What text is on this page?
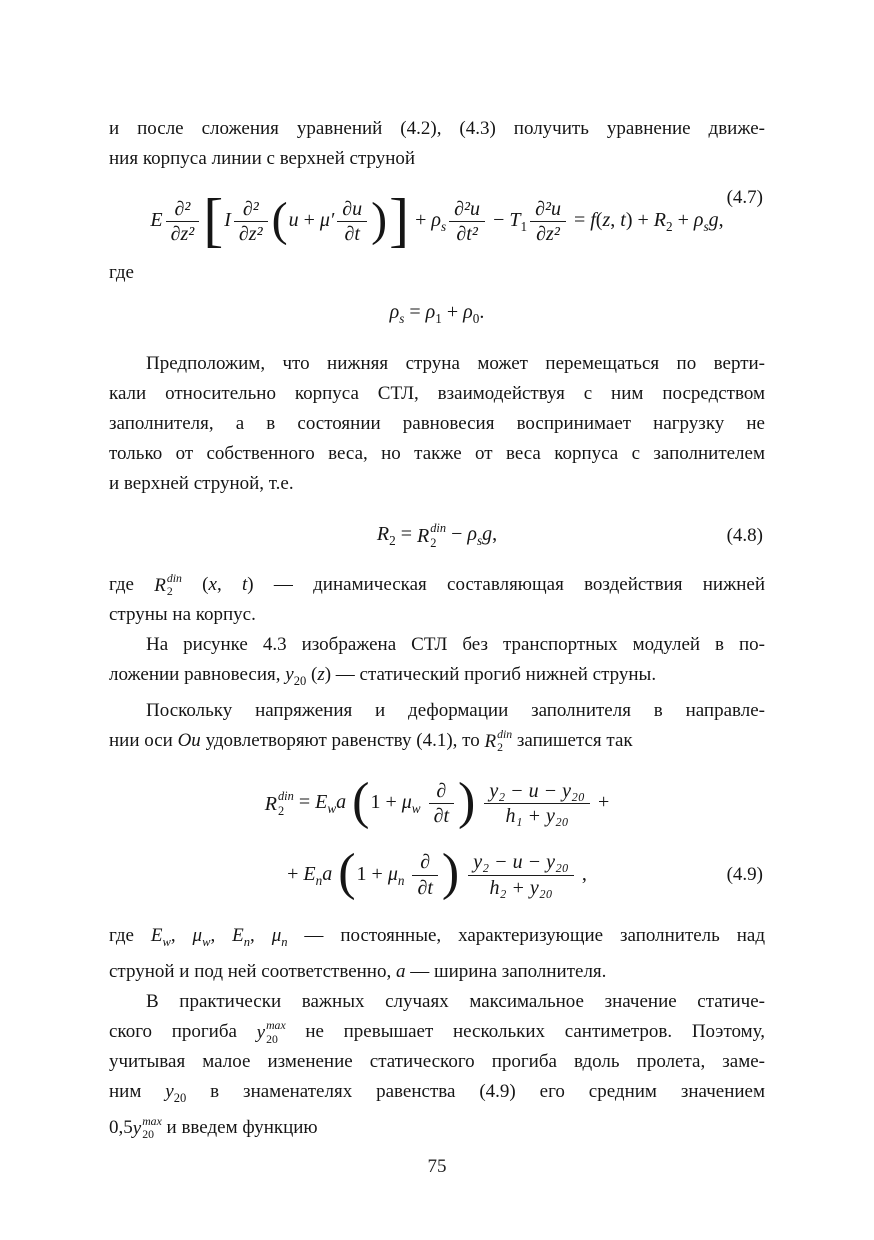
и после сложения уравнений (4.2), (4.3) получить уравнение движе-
ния корпуса линии с верхней струной
E
∂²
∂z² [I
∂²
∂z² ($u + \mu' \frac{\partial u}{\partial t}$ )] + $\rho_s \frac{\text{∂²u}}{\text{∂t²}} - T_1 \frac{\text{∂²u}}{\text{∂z²}} = f(z$, $t) + R_2 + \rho_sg$,
(4.7)
где
$\rho_s = \rho_1 + \rho_0$.
Предположим, что нижняя струна может перемещаться по верти-
кали относительно корпуса СТЛ, взаимодействуя с ним посредством
заполнителя, а в состоянии равновесия воспринимает нагрузку не
только от собственного веса, но также от веса корпуса с заполнителем
и верхней струной, т.е.
$R_2 = R$ din
$2 - \rho_sg$,	(4.8)
где R din
2 (x, t) — динамическая составляющая воздействия нижней
струны на корпус.
На рисунке 4.3 изображена СТЛ без транспортных модулей в по-
ложении равновесия, $y_{20}$ (z) — статический прогиб нижней струны.
Поскольку напряжения и деформации заполнителя в направле-
нии оси Ou удовлетворяют равенству (4.1), то R din
2 запишется так
R din
$2 = E_wa$ ($1 + \mu_w$
∂
∂t ) $\frac{\text{y₂ − u − y₂₀}}{\text{h₁ + y₂₀}}$ +
+ $E_na$ ($1 + \mu_n$
∂
∂t ) $\frac{\text{y₂ − u − y₂₀}}{\text{h₂ + y₂₀}}$ ,	(4.9)
где $E_w$, $\mu_w$, $E_n$, $\mu_n$ — постоянные, характеризующие заполнитель над
струной и под ней соответственно, a — ширина заполнителя.
В практически важных случаях максимальное значение статиче-
ского прогиба y max
20 не превышает нескольких сантиметров. Поэтому,
учитывая малое изменение статического прогиба вдоль пролета, заме-
ним $y_{20}$ в знаменателях равенства (4.9) его средним значением
0,5 y max
20 и введем функцию
75
